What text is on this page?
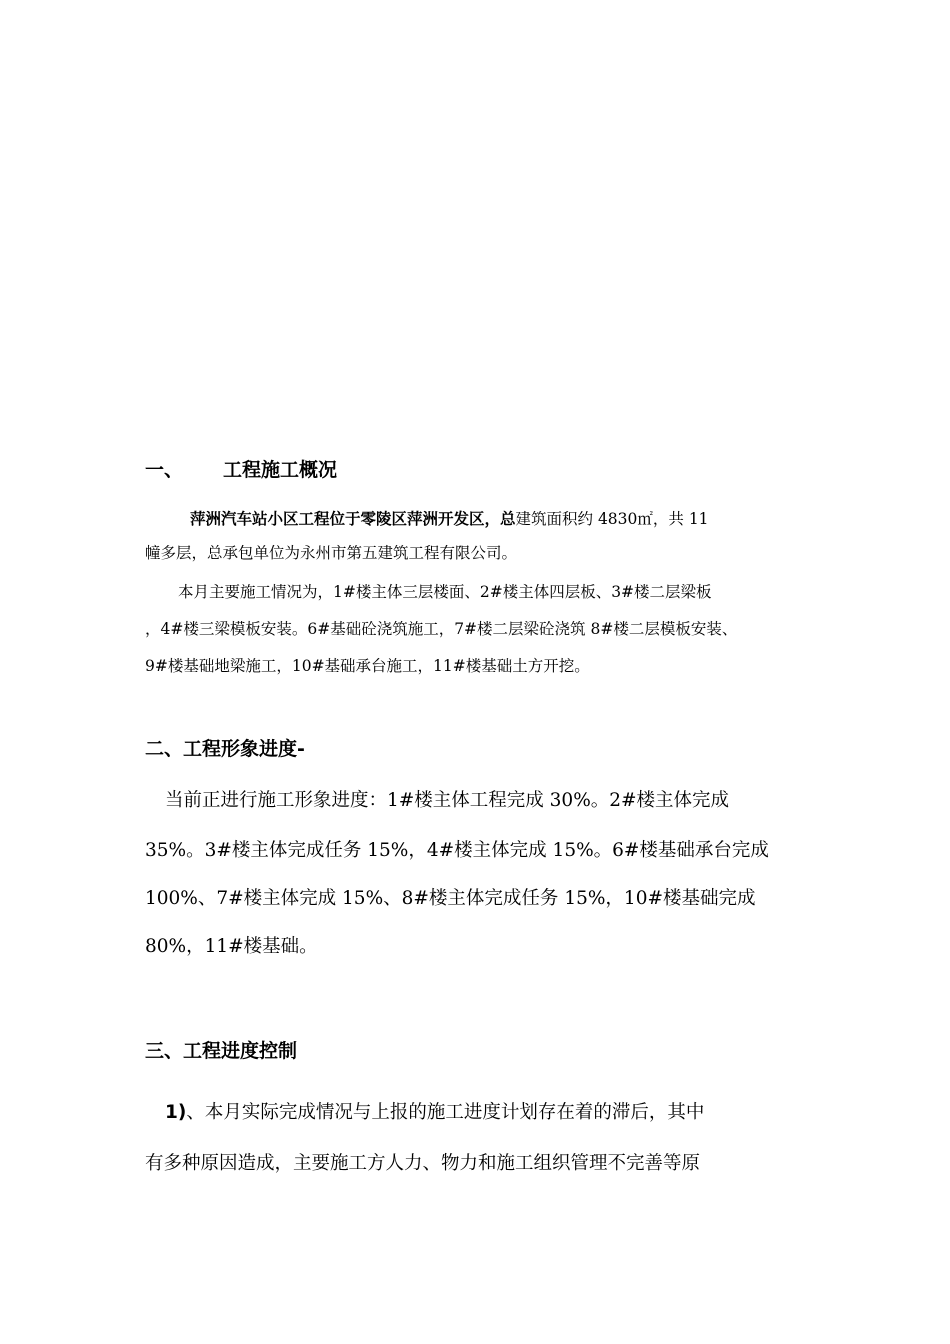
一、 工程施工概况
萍洲汽车站小区工程位于零陵区萍洲开发区，总建筑面积约 4830㎡，共 11
幢多层，总承包单位为永州市第五建筑工程有限公司。
本月主要施工情况为，1#楼主体三层楼面、2#楼主体四层板、3#楼二层梁板
，4#楼三梁模板安装。6#基础砼浇筑施工，7#楼二层梁砼浇筑 8#楼二层模板安装、
9#楼基础地梁施工，10#基础承台施工，11#楼基础土方开挖。
二、工程形象进度-
当前正进行施工形象进度：1#楼主体工程完成 30%。2#楼主体完成
35%。3#楼主体完成任务 15%，4#楼主体完成 15%。6#楼基础承台完成
100%、7#楼主体完成 15%、8#楼主体完成任务 15%，10#楼基础完成
80%，11#楼基础。
三、工程进度控制
1)、本月实际完成情况与上报的施工进度计划存在着的滞后，其中
有多种原因造成，主要施工方人力、物力和施工组织管理不完善等原
